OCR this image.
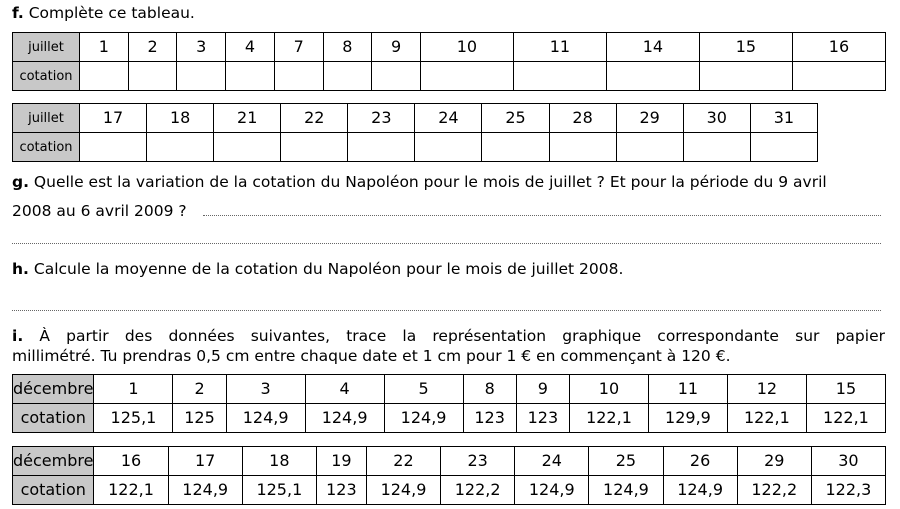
f. Complète ce tableau.
juillet	1	2	3	4	7	8	9	10	11	14	15	16
cotation												
juillet	17	18	21	22	23	24	25	28	29	30	31
cotation											
g. Quelle est la variation de la cotation du Napoléon pour le mois de juillet ? Et pour la période du 9 avril
2008 au 6 avril 2009 ?
h. Calcule la moyenne de la cotation du Napoléon pour le mois de juillet 2008.
i. À partir des données suivantes, trace la représentation graphique correspondante sur papier
millimétré. Tu prendras 0,5 cm entre chaque date et 1 cm pour 1 € en commençant à 120 €.
décembre	1	2	3	4	5	8	9	10	11	12	15
cotation	125,1	125	124,9	124,9	124,9	123	123	122,1	129,9	122,1	122,1
décembre	16	17	18	19	22	23	24	25	26	29	30
cotation	122,1	124,9	125,1	123	124,9	122,2	124,9	124,9	124,9	122,2	122,3
